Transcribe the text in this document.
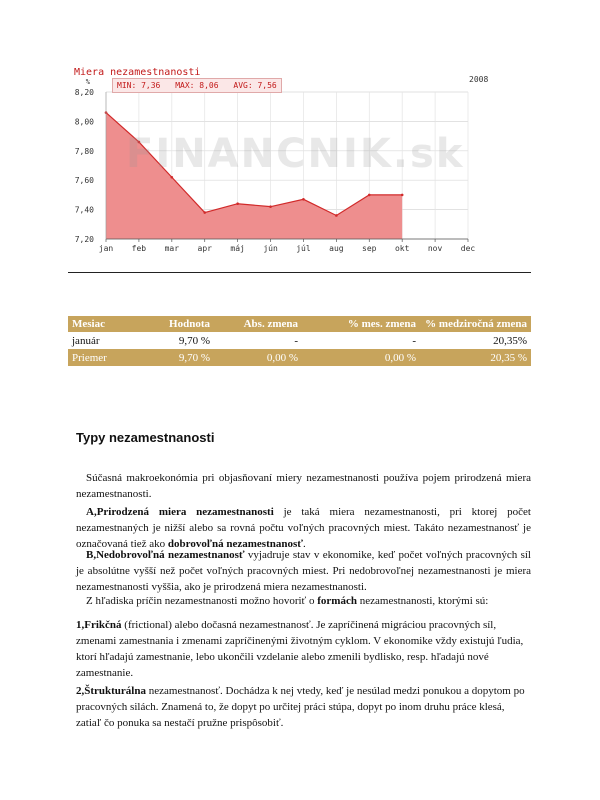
7,20
7,40
7,60
7,80
8,00
8,20
%
jan feb mar apr máj jún júl aug sep okt nov dec
FINANCNIK.sk
Miera nezamestnanosti
MIN: 7,36 MAX: 8,06 AVG: 7,56
2008
Mesiac	Hodnota	Abs. zmena	% mes. zmena	% medziročná zmena
január	9,70 %	-	-	20,35%
Priemer	9,70 %	0,00 %	0,00 %	20,35 %
Typy nezamestnanosti

Súčasná makroekonómia pri objasňovaní miery nezamestnanosti používa pojem prirodzená miera nezamestnanosti.

A,Prirodzená miera nezamestnanosti je taká miera nezamestnanosti, pri ktorej počet nezamestnaných je nižší alebo sa rovná počtu voľných pracovných miest. Takáto nezamestnanosť je označovaná tiež ako dobrovoľná nezamestnanosť.

B,Nedobrovoľná nezamestnanosť vyjadruje stav v ekonomike, keď počet voľných pracovných síl je absolútne vyšší než počet voľných pracovných miest. Pri nedobrovoľnej nezamestnanosti je miera nezamestnanosti vyššia, ako je prirodzená miera nezamestnanosti.

Z hľadiska príčin nezamestnanosti možno hovoriť o formách nezamestnanosti, ktorými sú:

1,Frikčná (frictional) alebo dočasná nezamestnanosť. Je zapríčinená migráciou pracovných síl, zmenami zamestnania i zmenami zapríčinenými životným cyklom. V ekonomike vždy existujú ľudia, ktorí hľadajú zamestnanie, lebo ukončili vzdelanie alebo zmenili bydlisko, resp. hľadajú nové zamestnanie.

2,Štrukturálna nezamestnanosť. Dochádza k nej vtedy, keď je nesúlad medzi ponukou a dopytom po pracovných silách. Znamená to, že dopyt po určitej práci stúpa, dopyt po inom druhu práce klesá, zatiaľ čo ponuka sa nestačí pružne prispôsobiť.
